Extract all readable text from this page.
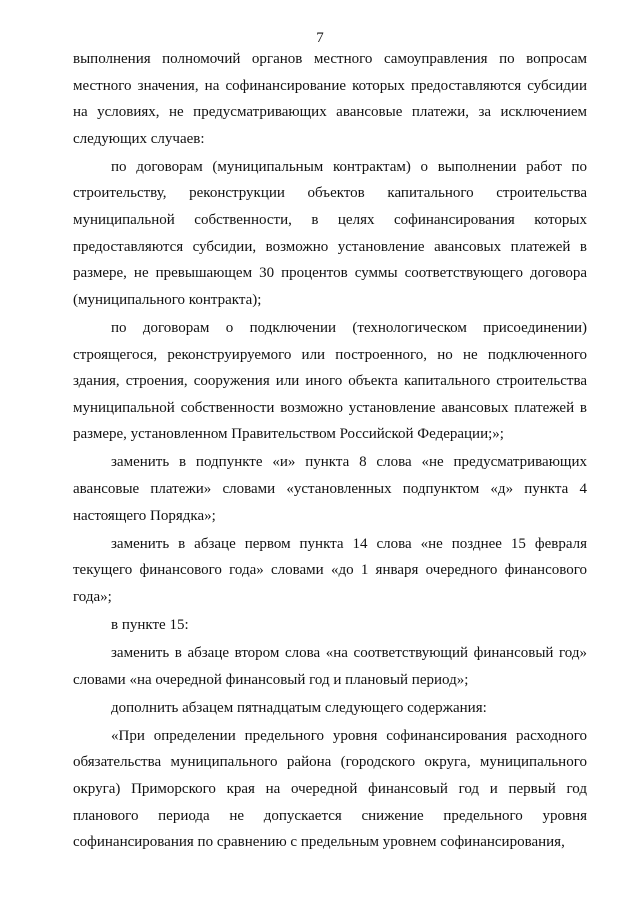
7

выполнения полномочий органов местного самоуправления по вопросам местного значения, на софинансирование которых предоставляются субсидии на условиях, не предусматривающих авансовые платежи, за исключением следующих случаев:

по договорам (муниципальным контрактам) о выполнении работ по строительству, реконструкции объектов капитального строительства муниципальной собственности, в целях софинансирования которых предоставляются субсидии, возможно установление авансовых платежей в размере, не превышающем 30 процентов суммы соответствующего договора (муниципального контракта);

по договорам о подключении (технологическом присоединении) строящегося, реконструируемого или построенного, но не подключенного здания, строения, сооружения или иного объекта капитального строительства муниципальной собственности возможно установление авансовых платежей в размере, установленном Правительством Российской Федерации;»;

заменить в подпункте «и» пункта 8 слова «не предусматривающих авансовые платежи» словами «установленных подпунктом «д» пункта 4 настоящего Порядка»;

заменить в абзаце первом пункта 14 слова «не позднее 15 февраля текущего финансового года» словами «до 1 января очередного финансового года»;

в пункте 15:

заменить в абзаце втором слова «на соответствующий финансовый год» словами «на очередной финансовый год и плановый период»;

дополнить абзацем пятнадцатым следующего содержания:

«При определении предельного уровня софинансирования расходного обязательства муниципального района (городского округа, муниципального округа) Приморского края на очередной финансовый год и первый год планового периода не допускается снижение предельного уровня софинансирования по сравнению с предельным уровнем софинансирования,
